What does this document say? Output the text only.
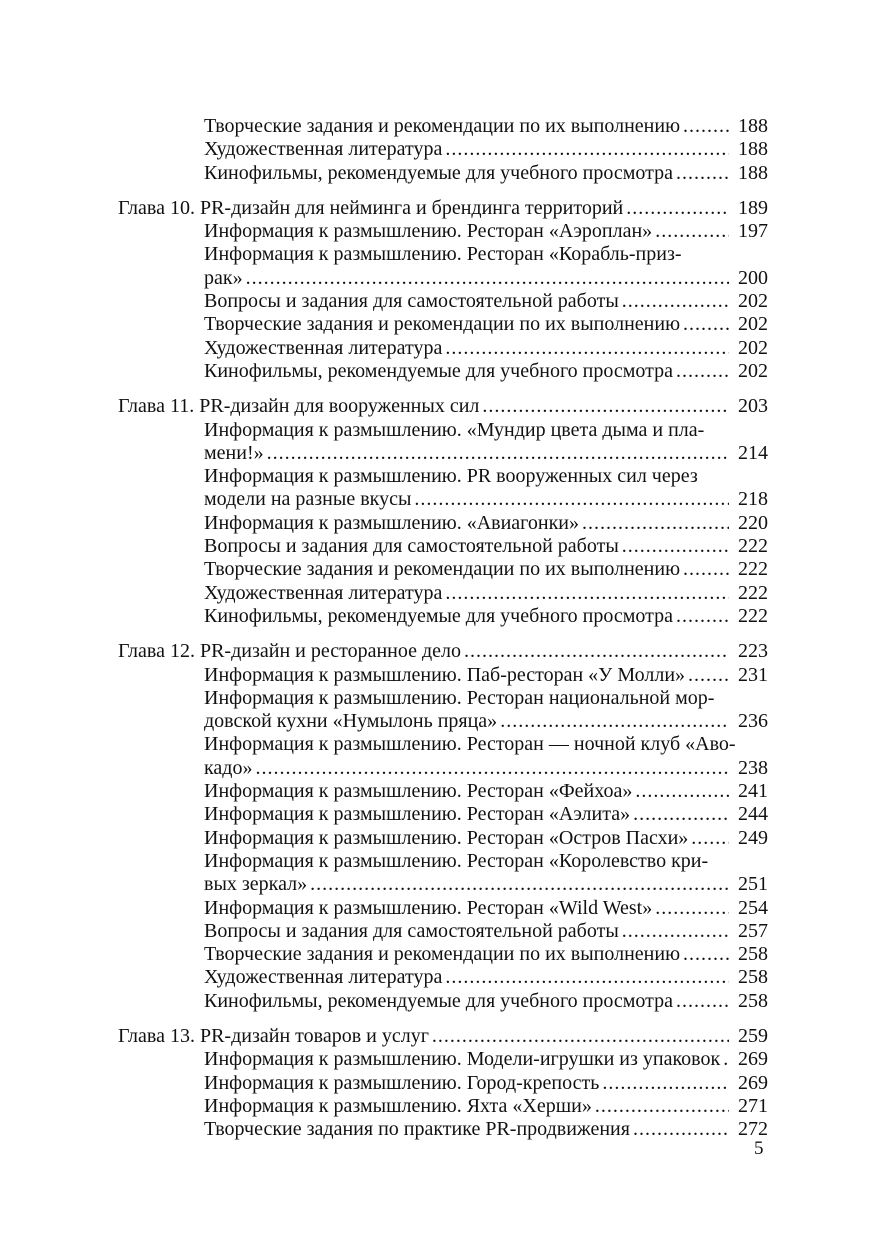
Творческие задания и рекомендации по их выполнению .....	188
Художественная литература .....	188
Кинофильмы, рекомендуемые для учебного просмотра .....	188
Глава 10. PR-дизайн для нейминга и брендинга территорий .....	189
Информация к размышлению. Ресторан «Аэроплан» .....	197
Информация к размышлению. Ресторан «Корабль-приз-
рак» .....	200
Вопросы и задания для самостоятельной работы .....	202
Творческие задания и рекомендации по их выполнению .....	202
Художественная литература .....	202
Кинофильмы, рекомендуемые для учебного просмотра .....	202
Глава 11. PR-дизайн для вооруженных сил .....	203
Информация к размышлению. «Мундир цвета дыма и пла-
мени!» .....	214
Информация к размышлению. PR вооруженных сил через
модели на разные вкусы .....	218
Информация к размышлению. «Авиагонки» .....	220
Вопросы и задания для самостоятельной работы .....	222
Творческие задания и рекомендации по их выполнению .....	222
Художественная литература .....	222
Кинофильмы, рекомендуемые для учебного просмотра .....	222
Глава 12. PR-дизайн и ресторанное дело .....	223
Информация к размышлению. Паб-ресторан «У Молли» .....	231
Информация к размышлению. Ресторан национальной мор-
довской кухни «Нумылонь пряца» .....	236
Информация к размышлению. Ресторан — ночной клуб «Аво-
кадо» .....	238
Информация к размышлению. Ресторан «Фейхоа» .....	241
Информация к размышлению. Ресторан «Аэлита» .....	244
Информация к размышлению. Ресторан «Остров Пасхи» ..... 249
Информация к размышлению. Ресторан «Королевство кри-
вых зеркал» .....	251
Информация к размышлению. Ресторан «Wild West» .....	254
Вопросы и задания для самостоятельной работы .....	257
Творческие задания и рекомендации по их выполнению .....	258
Художественная литература .....	258
Кинофильмы, рекомендуемые для учебного просмотра .....	258
Глава 13. PR-дизайн товаров и услуг .....	259
Информация к размышлению. Модели-игрушки из упаковок ..... 269
Информация к размышлению. Город-крепость .....	269
Информация к размышлению. Яхта «Херши» .....	271
Творческие задания по практике PR-продвижения .....	272
5
